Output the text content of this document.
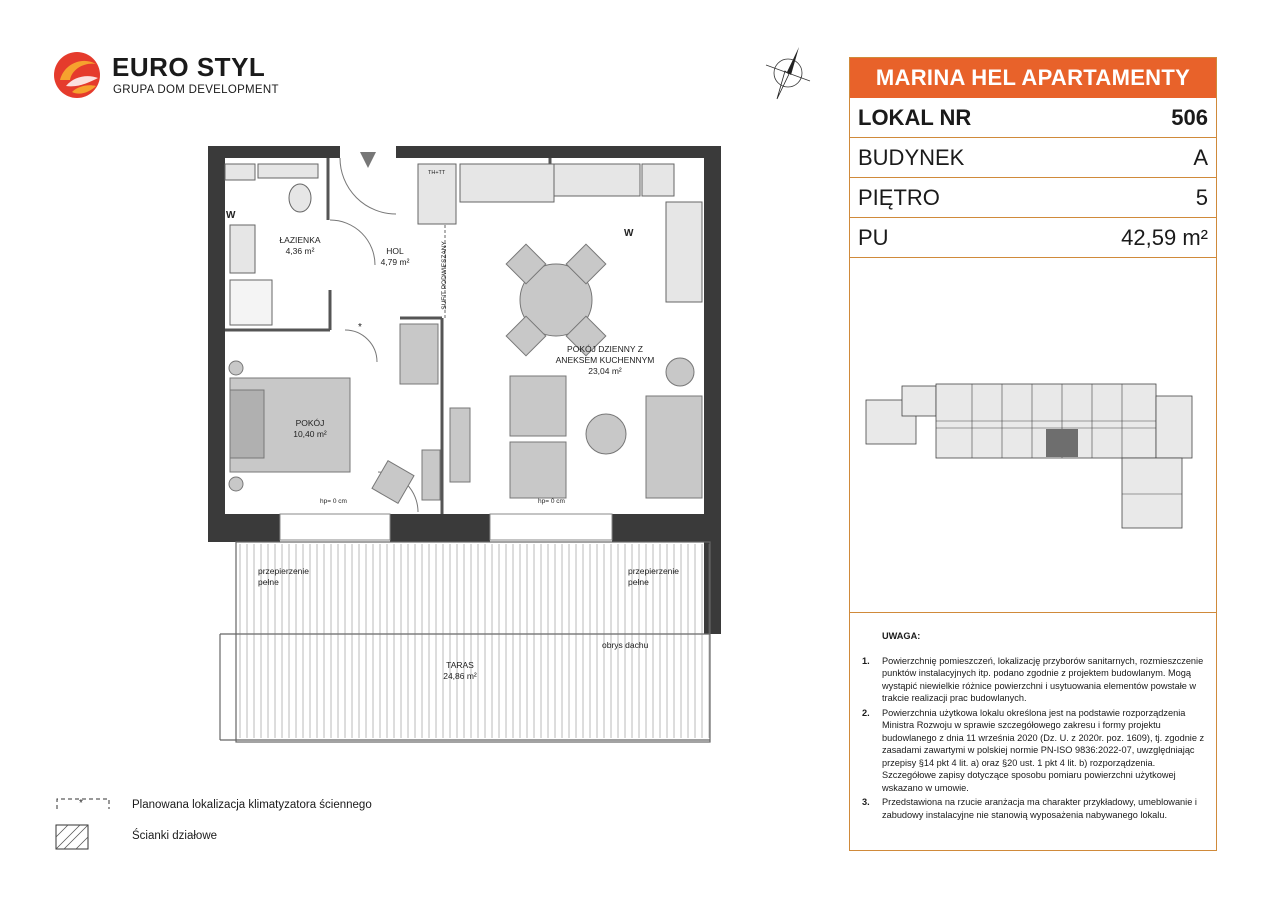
EURO STYL
GRUPA DOM DEVELOPMENT
ŁAZIENKA
4,36 m²	HOL
4,79 m²
POKÓJ DZIENNY Z
ANEKSEM KUCHENNYM
23,04 m²
POKÓJ
10,40 m²
TARAS
24,86 m²
SUFIT PODWIESZANY
przepierzenie
pełne
przepierzenie
pełne
obrys dachu
hp= 0 cm	hp= 0 cm
W
W
*
TH+TT
*	Planowana lokalizacja klimatyzatora ściennego
Ścianki działowe
MARINA HEL APARTAMENTY
LOKAL NR	506
BUDYNEK	A
PIĘTRO	5
PU	42,59 m²
UWAGA:
1. Powierzchnię pomieszczeń, lokalizację przyborów sanitarnych, rozmieszczenie punktów instalacyjnych itp. podano zgodnie z projektem budowlanym. Mogą wystąpić niewielkie różnice powierzchni i usytuowania elementów powstałe w trakcie realizacji prac budowlanych.
2. Powierzchnia użytkowa lokalu określona jest na podstawie rozporządzenia Ministra Rozwoju w sprawie szczegółowego zakresu i formy projektu budowlanego z dnia 11 września 2020 (Dz. U. z 2020r. poz. 1609), tj. zgodnie z zasadami zawartymi w polskiej normie PN-ISO 9836:2022-07, uwzględniając przepisy §14 pkt 4 lit. a) oraz §20 ust. 1 pkt 4 lit. b) rozporządzenia. Szczegółowe zapisy dotyczące sposobu pomiaru powierzchni użytkowej wskazano w umowie.
3. Przedstawiona na rzucie aranżacja ma charakter przykładowy, umeblowanie i zabudowy instalacyjne nie stanowią wyposażenia nabywanego lokalu.
